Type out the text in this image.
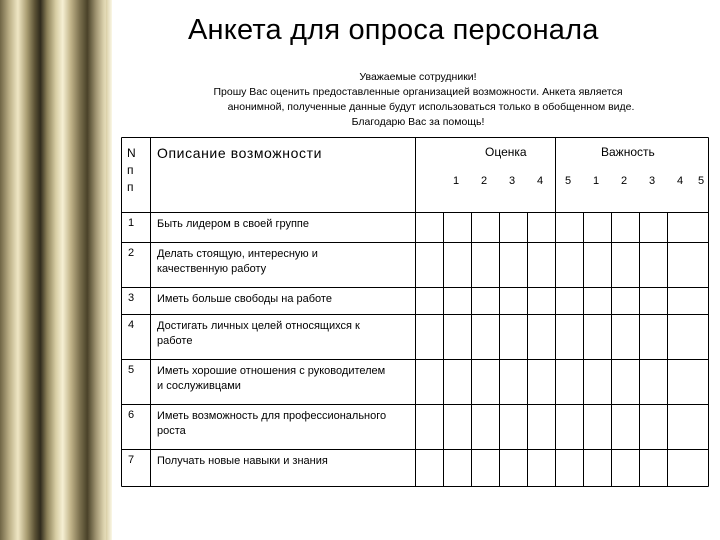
Анкета для опроса персонала
Уважаемые сотрудники!
Прошу Вас оценить предоставленные организацией возможности. Анкета является
анонимной, полученные данные будут использоваться только в обобщенном виде.
Благодарю Вас за помощь!
N
п
п
Описание возможности	Оценка	Важность
1	2	3	4	5	1	2	3	4	5
1	Быть лидером в своей группе
2	Делать стоящую, интересную и
качественную работу
3	Иметь больше свободы на работе
4	Достигать личных целей относящихся к
работе
5	Иметь хорошие отношения с руководителем
и сослуживцами
6	Иметь возможность для профессионального
роста
7	Получать новые навыки и знания
